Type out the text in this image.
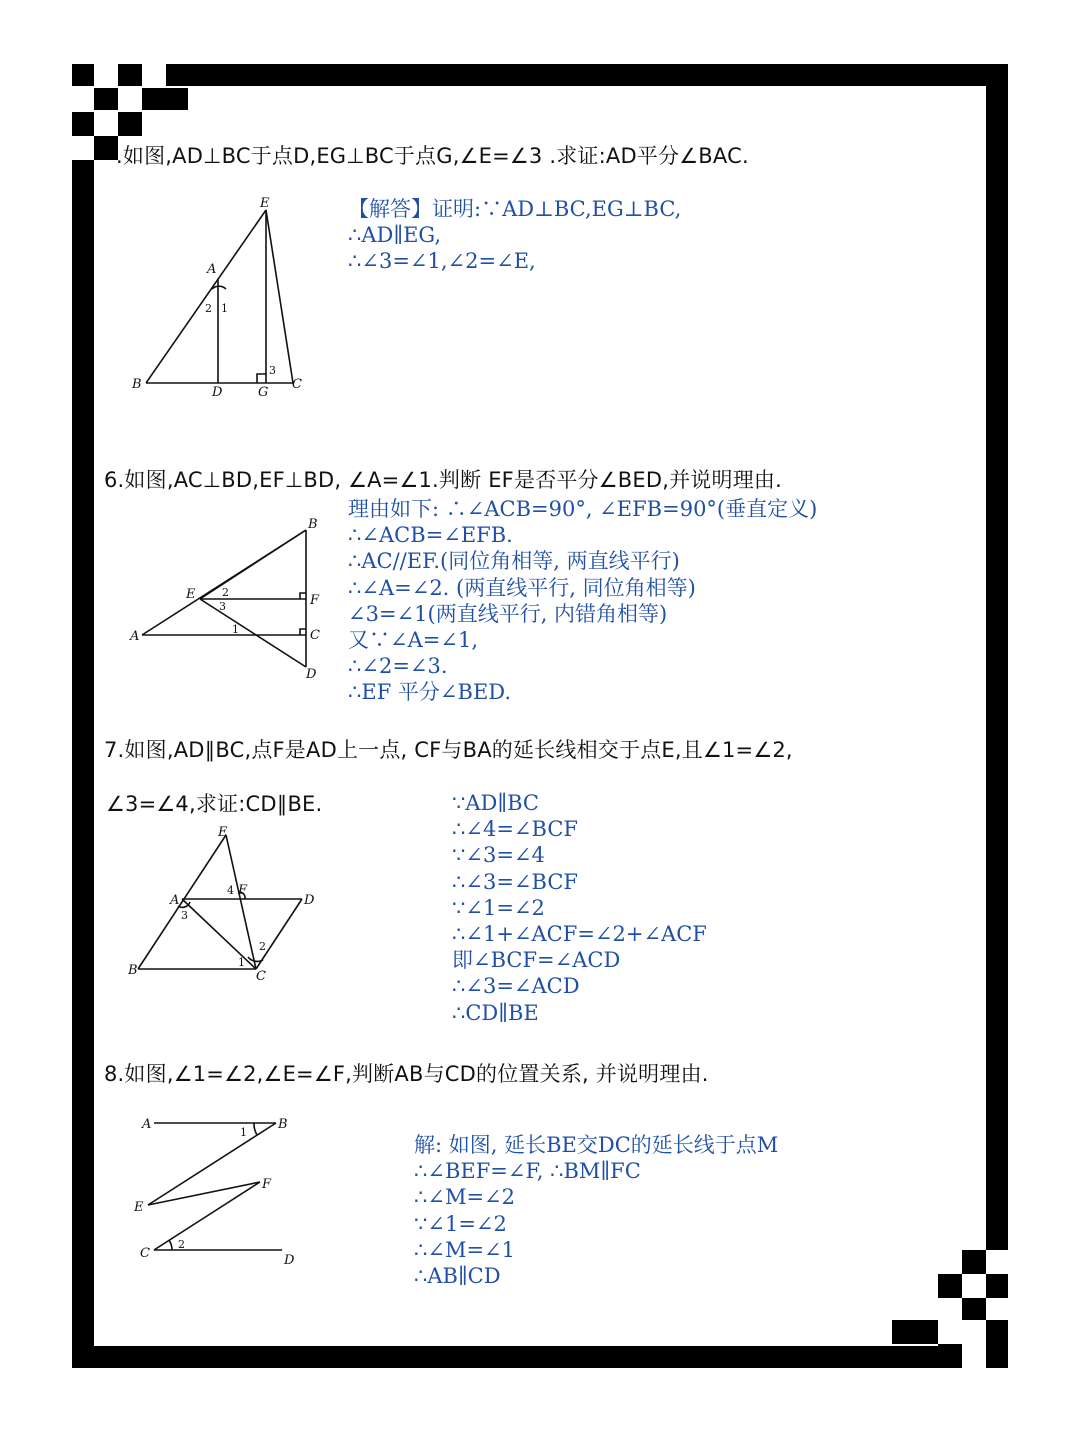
.如图,AD⊥BC于点D,EG⊥BC于点G,∠E=∠3 .求证:AD平分∠BAC.
E
A
B
D	G
C
2 1
3
【解答】证明:∵AD⊥BC,EG⊥BC,
∴AD∥EG,
∴∠3=∠1,∠2=∠E,
6.如图,AC⊥BD,EF⊥BD, ∠A=∠1.判断 EF是否平分∠BED,并说明理由.
B
E	F
A	C
D
2
3
1
理由如下: ∴∠ACB=90°, ∠EFB=90°(垂直定义)
∴∠ACB=∠EFB.
∴AC//EF.(同位角相等, 两直线平行)
∴∠A=∠2. (两直线平行, 同位角相等)
∠3=∠1(两直线平行, 内错角相等)
又∵∠A=∠1,
∴∠2=∠3.
∴EF 平分∠BED.
7.如图,AD∥BC,点F是AD上一点, CF与BA的延长线相交于点E,且∠1=∠2,
∠3=∠4,求证:CD∥BE.
E
A
F
D
B	C
3
4
1
2
∵AD∥BC
∴∠4=∠BCF
∵∠3=∠4
∴∠3=∠BCF
∵∠1=∠2
∴∠1+∠ACF=∠2+∠ACF
即∠BCF=∠ACD
∴∠3=∠ACD
∴CD∥BE
8.如图,∠1=∠2,∠E=∠F,判断AB与CD的位置关系, 并说明理由.
A	B
F
E
C	D
1
2
解: 如图, 延长BE交DC的延长线于点M
∴∠BEF=∠F, ∴BM∥FC
∴∠M=∠2
∵∠1=∠2
∴∠M=∠1
∴AB∥CD
